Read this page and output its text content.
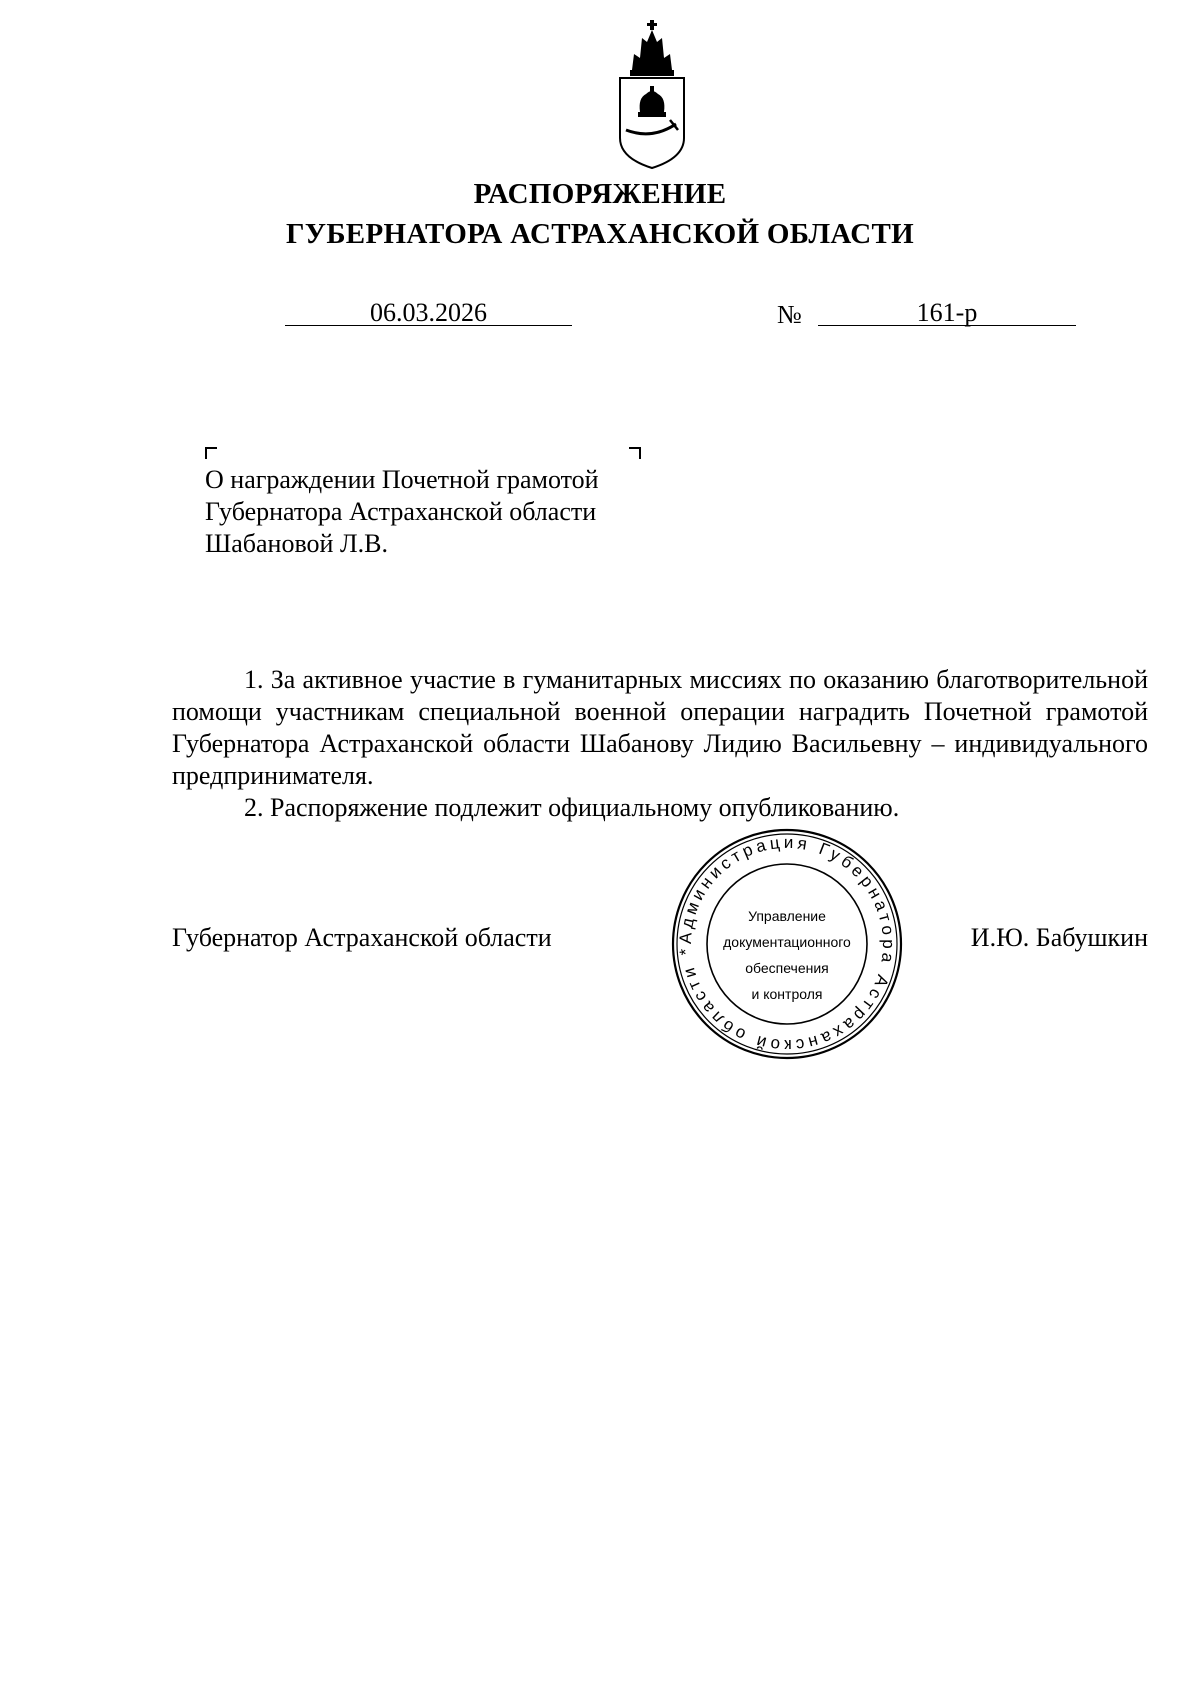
РАСПОРЯЖЕНИЕ
ГУБЕРНАТОРА АСТРАХАНСКОЙ ОБЛАСТИ
06.03.2026	№	161-р
О награждении Почетной грамотой
Губернатора Астраханской области
Шабановой Л.В.

1. За активное участие в гуманитарных миссиях по оказанию благотворительной помощи участникам специальной военной операции наградить Почетной грамотой Губернатора Астраханской области Шабанову Лидию Васильевну – индивидуального предпринимателя.

2. Распоряжение подлежит официальному опубликованию.

Губернатор Астраханской области	И.Ю. Бабушкин
Администрация Губернатора Астраханской области *
Управление
документационного
обеспечения
и контроля
